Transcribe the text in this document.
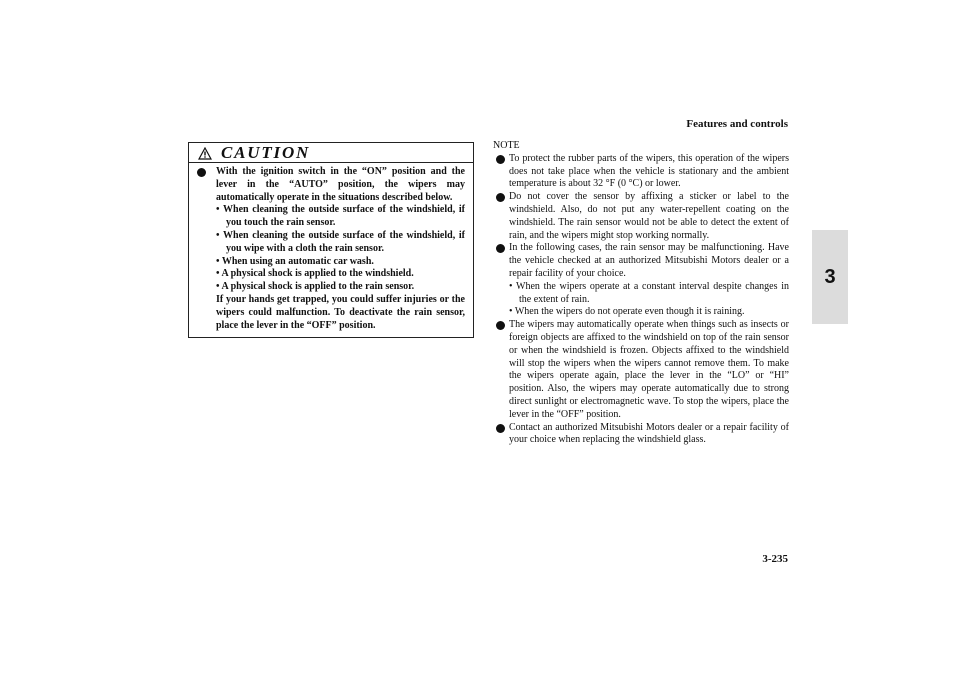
Features and controls
3
CAUTION
With the ignition switch in the “ON” position and the lever in the “AUTO” position, the wipers may automatically operate in the situations described below.
• When cleaning the outside surface of the windshield, if you touch the rain sensor.
• When cleaning the outside surface of the windshield, if you wipe with a cloth the rain sensor.
• When using an automatic car wash.
• A physical shock is applied to the windshield.
• A physical shock is applied to the rain sensor.
If your hands get trapped, you could suffer injuries or the wipers could malfunction. To deactivate the rain sensor, place the lever in the “OFF” position.
NOTE
To protect the rubber parts of the wipers, this operation of the wipers does not take place when the vehicle is stationary and the ambient temperature is about 32 °F (0 °C) or lower.
Do not cover the sensor by affixing a sticker or label to the windshield. Also, do not put any water-repellent coating on the windshield. The rain sensor would not be able to detect the extent of rain, and the wipers might stop working normally.
In the following cases, the rain sensor may be malfunctioning. Have the vehicle checked at an authorized Mitsubishi Motors dealer or a repair facility of your choice.
• When the wipers operate at a constant interval despite changes in the extent of rain.
• When the wipers do not operate even though it is raining.
The wipers may automatically operate when things such as insects or foreign objects are affixed to the windshield on top of the rain sensor or when the windshield is frozen. Objects affixed to the windshield will stop the wipers when the wipers cannot remove them. To make the wipers operate again, place the lever in the “LO” or “HI” position. Also, the wipers may operate automatically due to strong direct sunlight or electromagnetic wave. To stop the wipers, place the lever in the “OFF” position.
Contact an authorized Mitsubishi Motors dealer or a repair facility of your choice when replacing the windshield glass.
3-235
